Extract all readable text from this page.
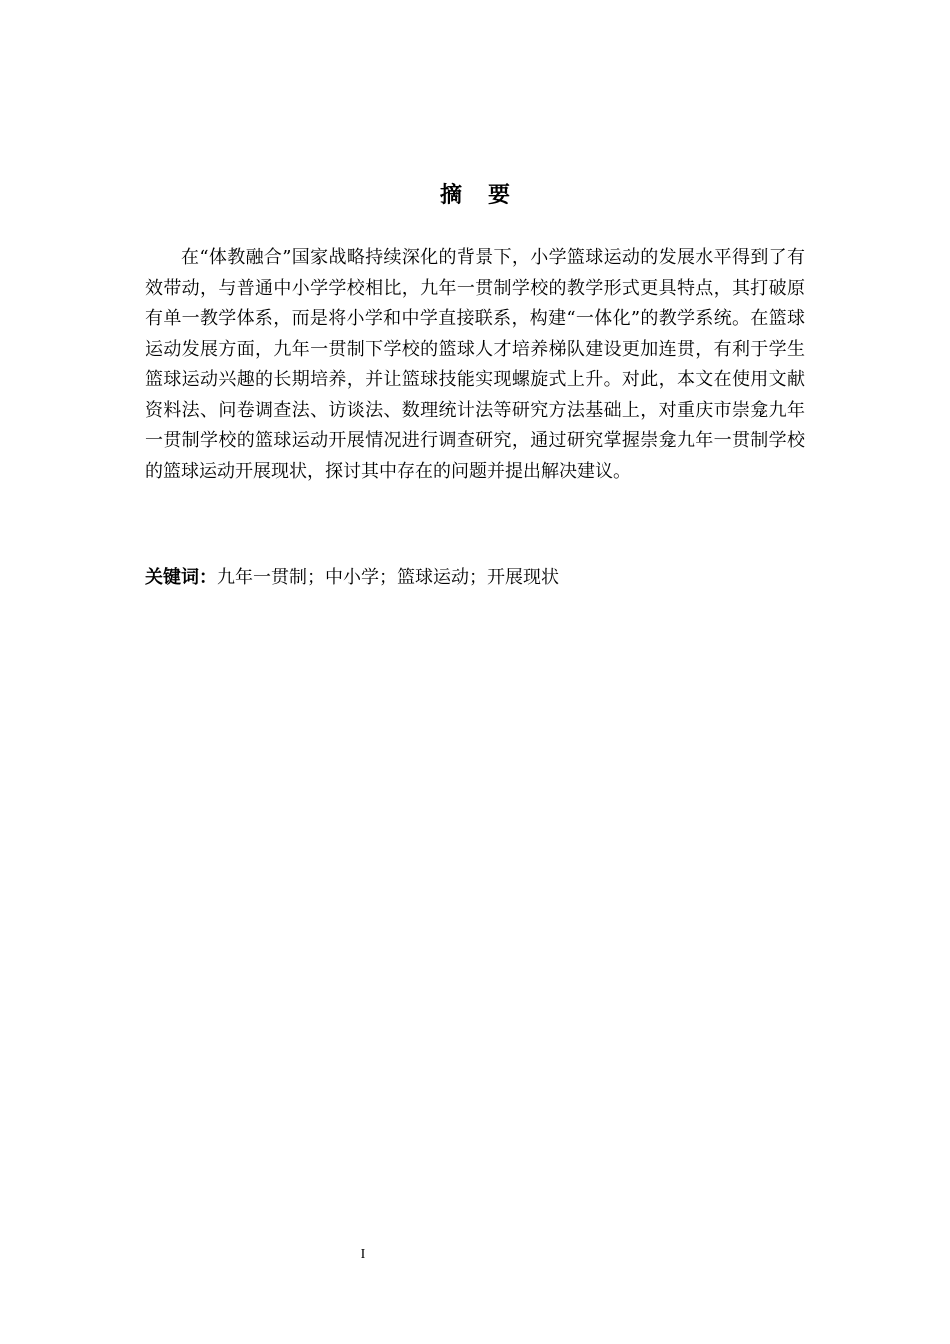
摘要

在“体教融合”国家战略持续深化的背景下，小学篮球运动的发展水平得到了有效带动，与普通中小学学校相比，九年一贯制学校的教学形式更具特点，其打破原有单一教学体系，而是将小学和中学直接联系，构建“一体化”的教学系统。在篮球运动发展方面，九年一贯制下学校的篮球人才培养梯队建设更加连贯，有利于学生篮球运动兴趣的长期培养，并让篮球技能实现螺旋式上升。对此，本文在使用文献资料法、问卷调查法、访谈法、数理统计法等研究方法基础上，对重庆市崇龛九年一贯制学校的篮球运动开展情况进行调查研究，通过研究掌握崇龛九年一贯制学校的篮球运动开展现状，探讨其中存在的问题并提出解决建议。

关键词：九年一贯制；中小学；篮球运动；开展现状

I
